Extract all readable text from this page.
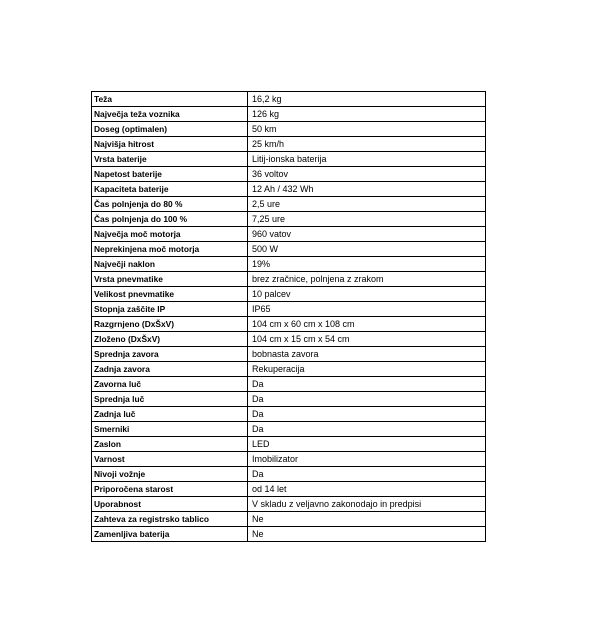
Teža	16,2 kg
Največja teža voznika	126 kg
Doseg (optimalen)	50 km
Najvišja hitrost	25 km/h
Vrsta baterije	Litij-ionska baterija
Napetost baterije	36 voltov
Kapaciteta baterije	12 Ah / 432 Wh
Čas polnjenja do 80 %	2,5 ure
Čas polnjenja do 100 %	7,25 ure
Največja moč motorja	960 vatov
Neprekinjena moč motorja	500 W
Največji naklon	19%
Vrsta pnevmatike	brez zračnice, polnjena z zrakom
Velikost pnevmatike	10 palcev
Stopnja zaščite IP	IP65
Razgrnjeno (DxŠxV)	104 cm x 60 cm x 108 cm
Zloženo (DxŠxV)	104 cm x 15 cm x 54 cm
Sprednja zavora	bobnasta zavora
Zadnja zavora	Rekuperacija
Zavorna luč	Da
Sprednja luč	Da
Zadnja luč	Da
Smerniki	Da
Zaslon	LED
Varnost	Imobilizator
Nivoji vožnje	Da
Priporočena starost	od 14 let
Uporabnost	V skladu z veljavno zakonodajo in predpisi
Zahteva za registrsko tablico	Ne
Zamenljiva baterija	Ne
